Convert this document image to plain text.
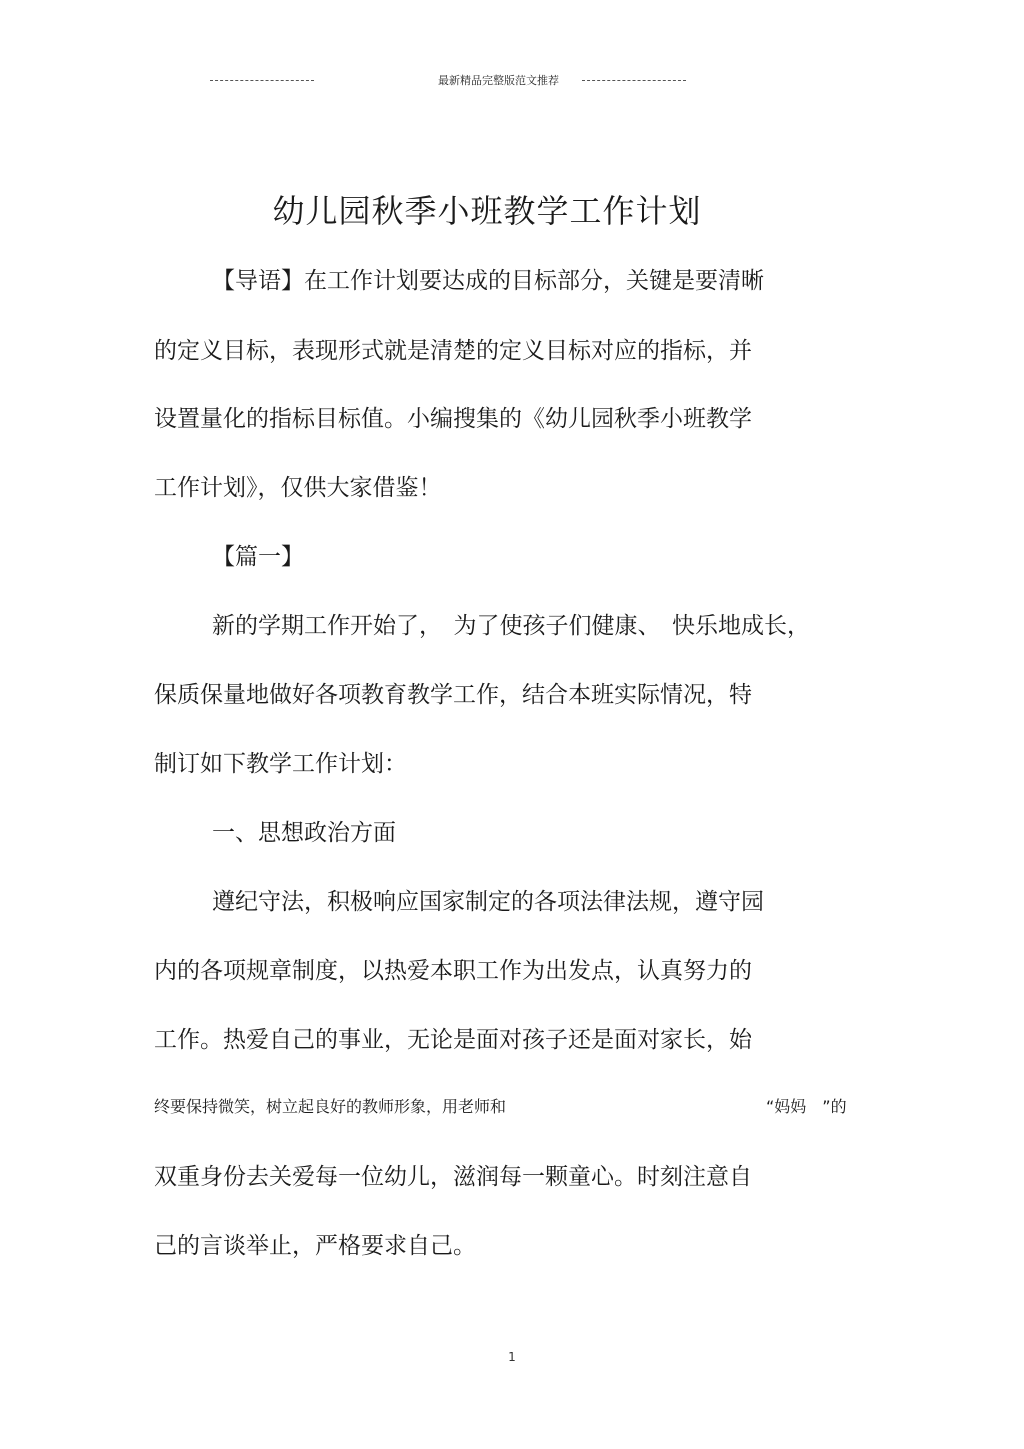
最新精品完整版范文推荐
幼儿园秋季小班教学工作计划
【导语】在工作计划要达成的目标部分，关键是要清晰
的定义目标，表现形式就是清楚的定义目标对应的指标，并
设置量化的指标目标值。小编搜集的《幼儿园秋季小班教学
工作计划》，仅供大家借鉴！
【篇一】
新的学期工作开始了，　为了使孩子们健康、　快乐地成长，
保质保量地做好各项教育教学工作，结合本班实际情况，特
制订如下教学工作计划：
一、思想政治方面
遵纪守法，积极响应国家制定的各项法律法规，遵守园
内的各项规章制度，以热爱本职工作为出发点，认真努力的
工作。热爱自己的事业，无论是面对孩子还是面对家长，始
终要保持微笑，树立起良好的教师形象，用老师和	“妈妈　”的
双重身份去关爱每一位幼儿，滋润每一颗童心。时刻注意自
己的言谈举止，严格要求自己。
1
